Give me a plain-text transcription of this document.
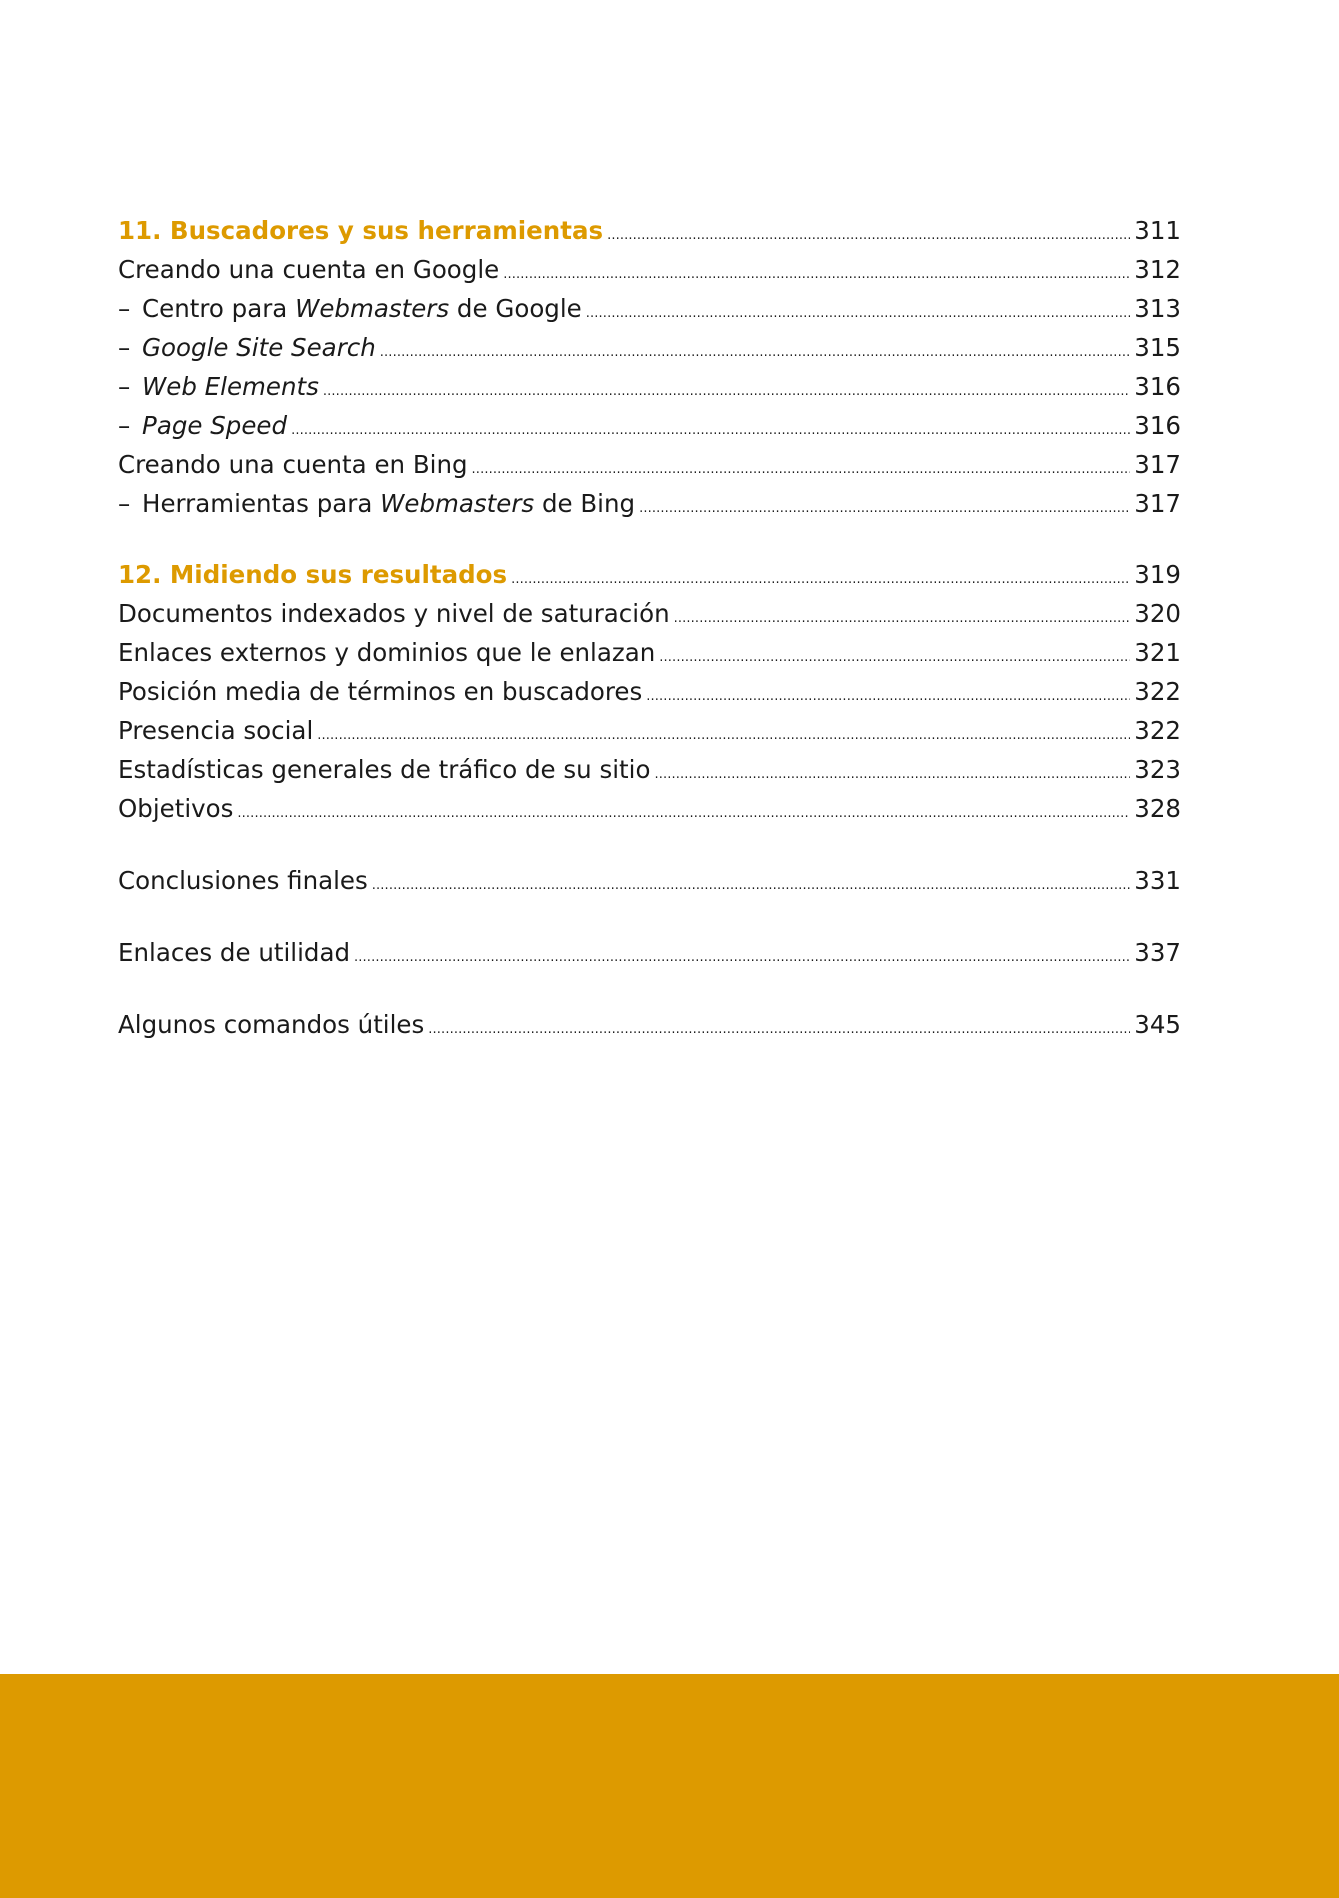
11. Buscadores y sus herramientas . . .	311
Creando una cuenta en Google . . .	312
– Centro para Webmasters de Google . . .	313
– Google Site Search . . .	315
– Web Elements . . .	316
– Page Speed . . .	316
Creando una cuenta en Bing . . .	317
– Herramientas para Webmasters de Bing . . .	317
12. Midiendo sus resultados . . .	319
Documentos indexados y nivel de saturación . . .	320
Enlaces externos y dominios que le enlazan . . .	321
Posición media de términos en buscadores . . .	322
Presencia social . . .	322
Estadísticas generales de tráfico de su sitio . . .	323
Objetivos . . .	328
Conclusiones finales . . .	331
Enlaces de utilidad . . .	337
Algunos comandos útiles . . .	345
